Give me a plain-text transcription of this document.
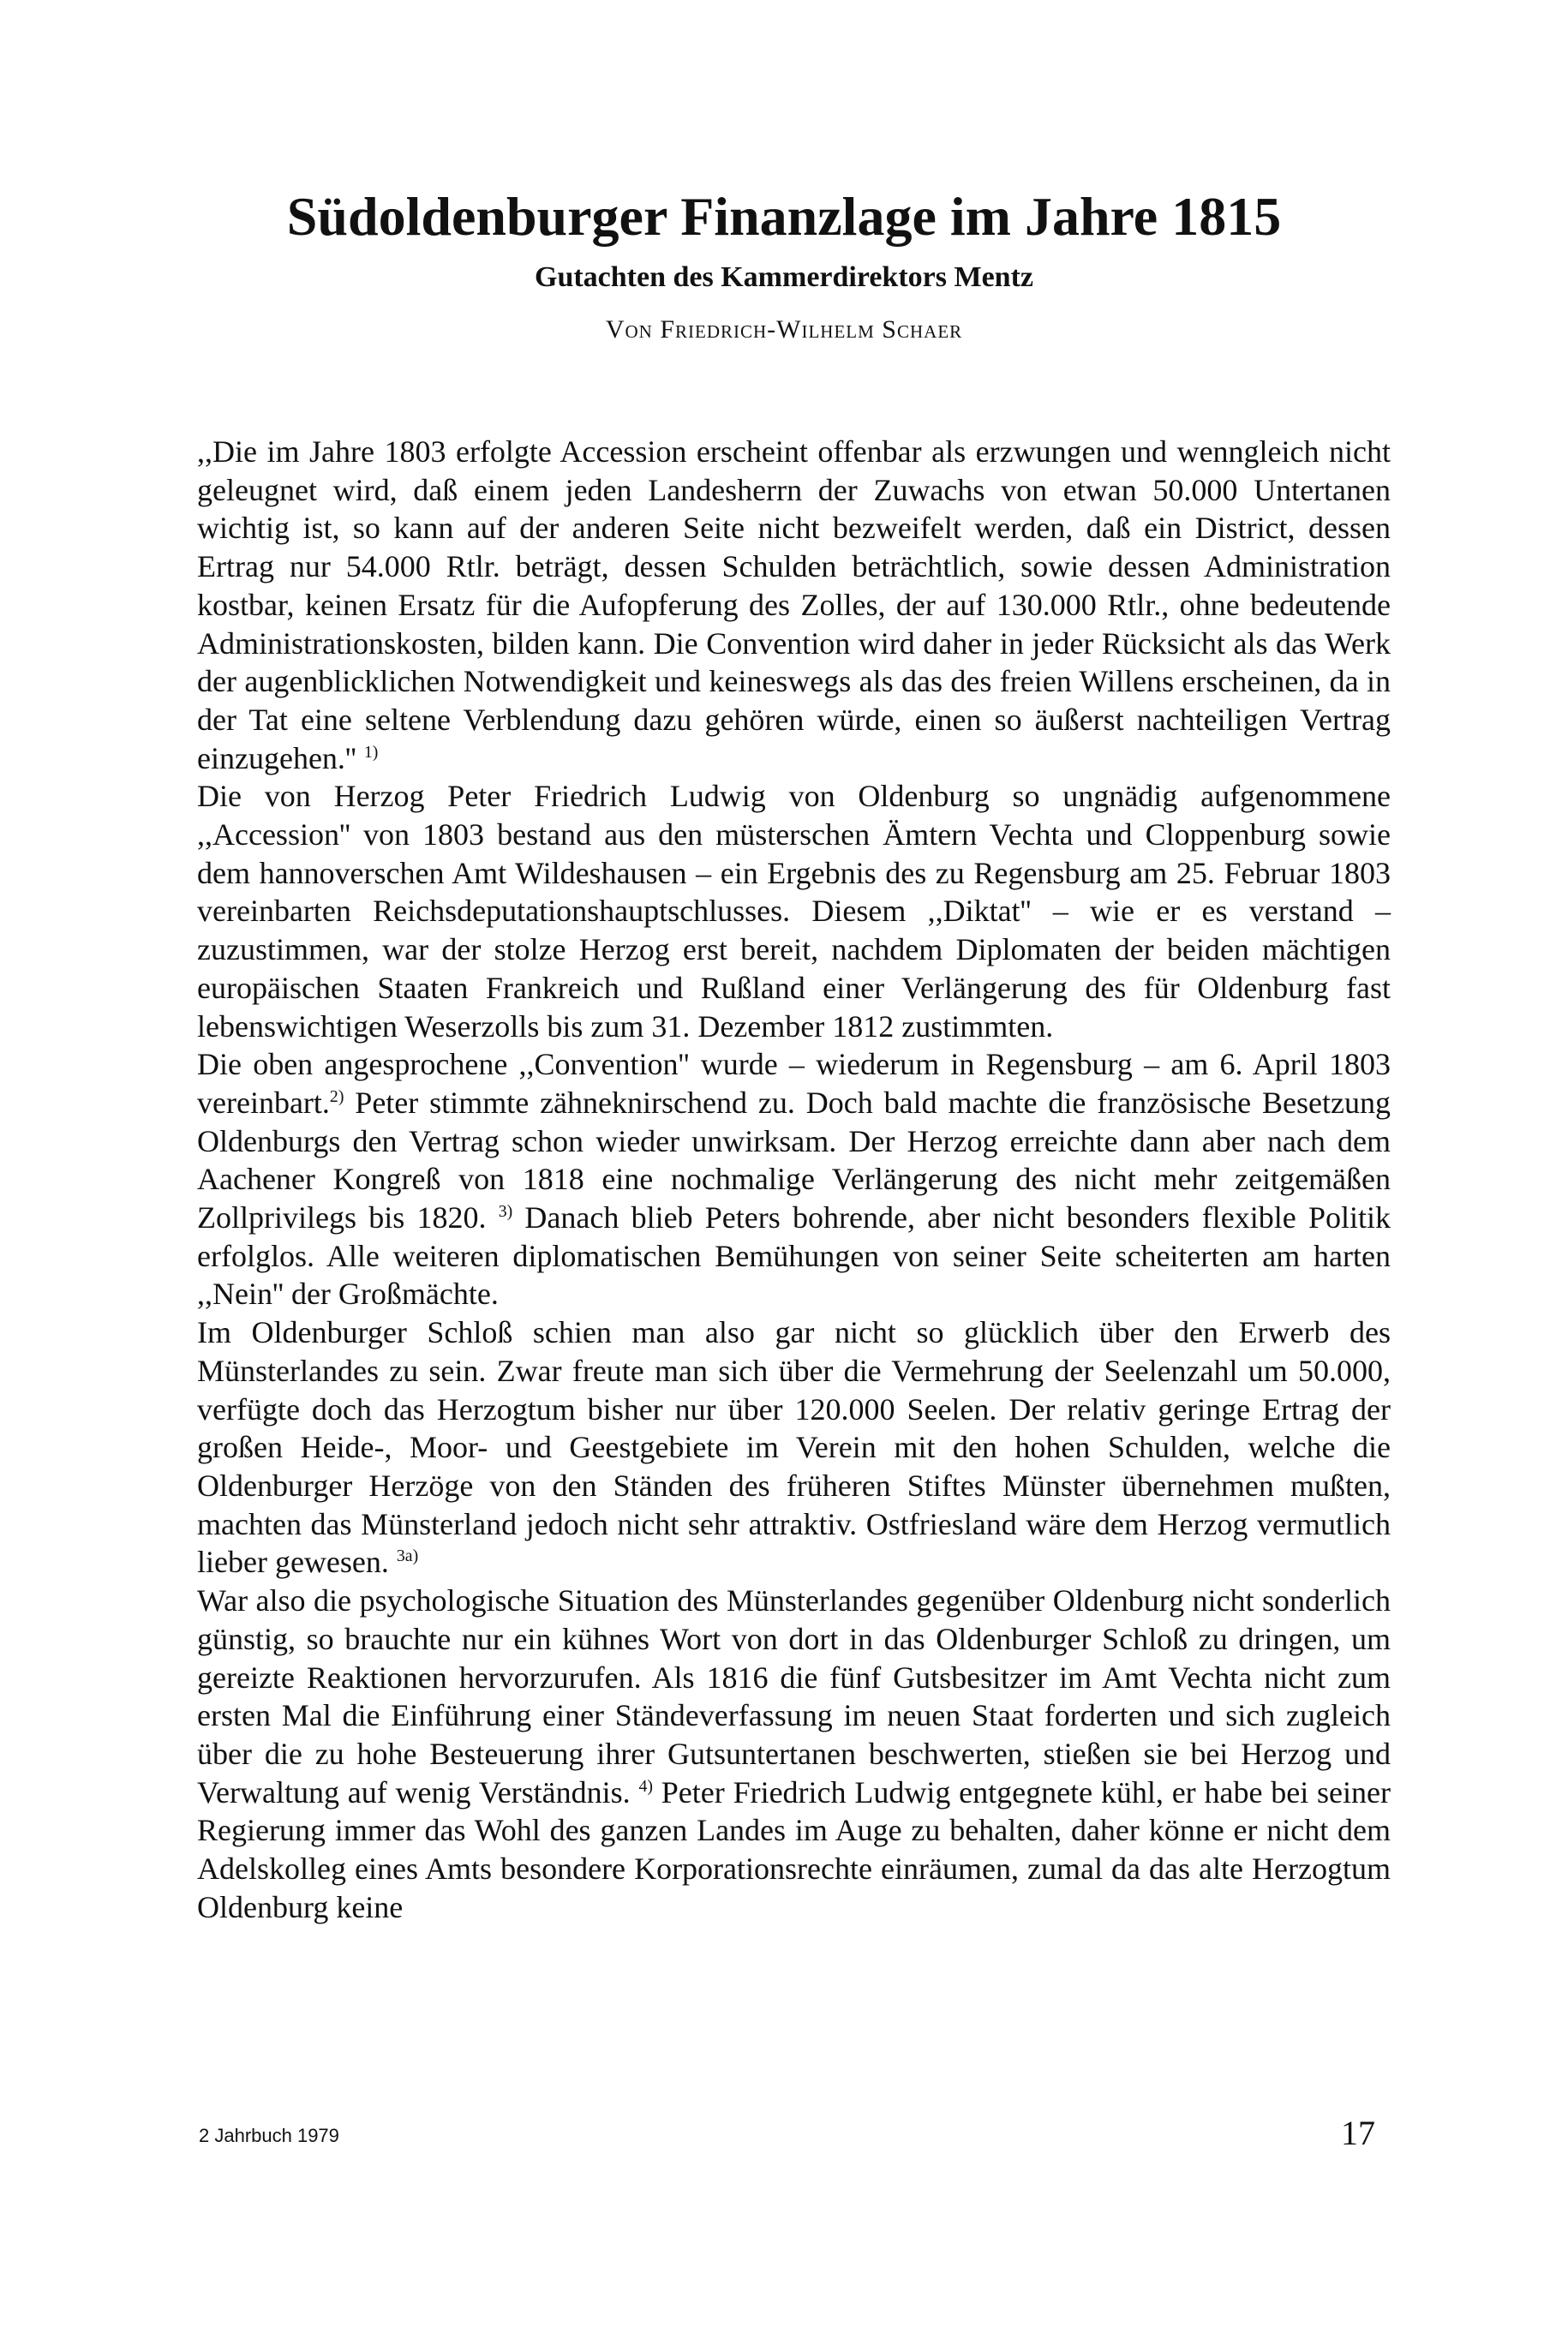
Südoldenburger Finanzlage im Jahre 1815
Gutachten des Kammerdirektors Mentz
Von Friedrich-Wilhelm Schaer

,,Die im Jahre 1803 erfolgte Accession erscheint offenbar als erzwungen und wenngleich nicht geleugnet wird, daß einem jeden Landesherrn der Zuwachs von etwan 50.000 Untertanen wichtig ist, so kann auf der anderen Seite nicht bezweifelt werden, daß ein District, dessen Ertrag nur 54.000 Rtlr. beträgt, dessen Schulden beträchtlich, sowie dessen Administration kostbar, keinen Ersatz für die Aufopferung des Zolles, der auf 130.000 Rtlr., ohne bedeutende Administrationskosten, bilden kann. Die Convention wird daher in jeder Rücksicht als das Werk der augenblicklichen Notwendigkeit und keineswegs als das des freien Willens erscheinen, da in der Tat eine seltene Verblendung dazu gehören würde, einen so äußerst nachteiligen Vertrag einzugehen.'' $^{1)}$

Die von Herzog Peter Friedrich Ludwig von Oldenburg so ungnädig aufgenommene ,,Accession'' von 1803 bestand aus den müsterschen Ämtern Vechta und Cloppenburg sowie dem hannoverschen Amt Wildeshausen – ein Ergebnis des zu Regensburg am 25. Februar 1803 vereinbarten Reichsdeputationshauptschlusses. Diesem ,,Diktat'' – wie er es verstand – zuzustimmen, war der stolze Herzog erst bereit, nachdem Diplomaten der beiden mächtigen europäischen Staaten Frankreich und Rußland einer Verlängerung des für Oldenburg fast lebenswichtigen Weserzolls bis zum 31. Dezember 1812 zustimmten.

Die oben angesprochene ,,Convention'' wurde – wiederum in Regensburg – am 6. April 1803 vereinbart.$^{2)}$ Peter stimmte zähneknirschend zu. Doch bald machte die französische Besetzung Oldenburgs den Vertrag schon wieder unwirksam. Der Herzog erreichte dann aber nach dem Aachener Kongreß von 1818 eine nochmalige Verlängerung des nicht mehr zeitgemäßen Zollprivilegs bis 1820. $^{3)}$ Danach blieb Peters bohrende, aber nicht besonders flexible Politik erfolglos. Alle weiteren diplomatischen Bemühungen von seiner Seite scheiterten am harten ,,Nein'' der Großmächte.

Im Oldenburger Schloß schien man also gar nicht so glücklich über den Erwerb des Münsterlandes zu sein. Zwar freute man sich über die Vermehrung der Seelenzahl um 50.000, verfügte doch das Herzogtum bisher nur über 120.000 Seelen. Der relativ geringe Ertrag der großen Heide-, Moor- und Geestgebiete im Verein mit den hohen Schulden, welche die Oldenburger Herzöge von den Ständen des früheren Stiftes Münster übernehmen mußten, machten das Münsterland jedoch nicht sehr attraktiv. Ostfriesland wäre dem Herzog vermutlich lieber gewesen. $^{3a)}$

War also die psychologische Situation des Münsterlandes gegenüber Oldenburg nicht sonderlich günstig, so brauchte nur ein kühnes Wort von dort in das Oldenburger Schloß zu dringen, um gereizte Reaktionen hervorzurufen. Als 1816 die fünf Gutsbesitzer im Amt Vechta nicht zum ersten Mal die Einführung einer Ständeverfassung im neuen Staat forderten und sich zugleich über die zu hohe Besteuerung ihrer Gutsuntertanen beschwerten, stießen sie bei Herzog und Verwaltung auf wenig Verständnis. $^{4)}$ Peter Friedrich Ludwig entgegnete kühl, er habe bei seiner Regierung immer das Wohl des ganzen Landes im Auge zu behalten, daher könne er nicht dem Adelskolleg eines Amts besondere Korporationsrechte einräumen, zumal da das alte Herzogtum Oldenburg keine

2 Jahrbuch 1979	17
